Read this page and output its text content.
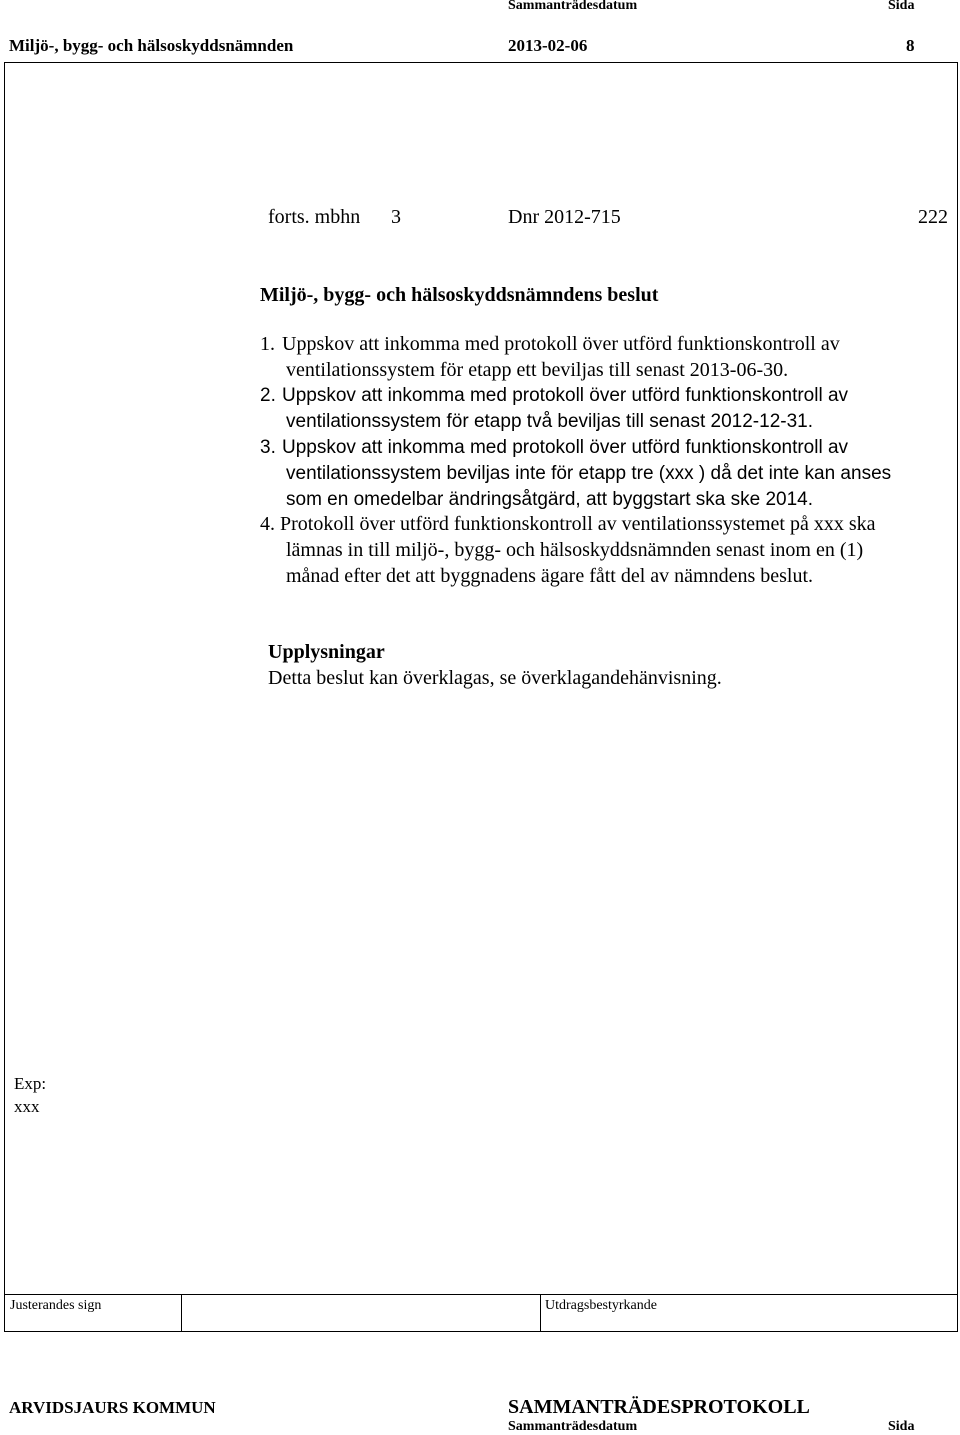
Sammanträdesdatum	Sida
Miljö-, bygg- och hälsoskyddsnämnden	2013-02-06	8
forts. mbhn 3	Dnr 2012-715	222
Miljö-, bygg- och hälsoskyddsnämndens beslut
1. Uppskov att inkomma med protokoll över utförd funktionskontroll av
ventilationssystem för etapp ett beviljas till senast 2013-06-30.
2. Uppskov att inkomma med protokoll över utförd funktionskontroll av
ventilationssystem för etapp två beviljas till senast 2012-12-31.
3. Uppskov att inkomma med protokoll över utförd funktionskontroll av
ventilationssystem beviljas inte för etapp tre (xxx ) då det inte kan anses
som en omedelbar ändringsåtgärd, att byggstart ska ske 2014.
4. Protokoll över utförd funktionskontroll av ventilationssystemet på xxx ska
lämnas in till miljö-, bygg- och hälsoskyddsnämnden senast inom en (1)
månad efter det att byggnadens ägare fått del av nämndens beslut.
Upplysningar
Detta beslut kan överklagas, se överklagandehänvisning.
Exp:
xxx
Justerandes sign	Utdragsbestyrkande
ARVIDSJAURS KOMMUN	SAMMANTRÄDESPROTOKOLL
Sammanträdesdatum	Sida
